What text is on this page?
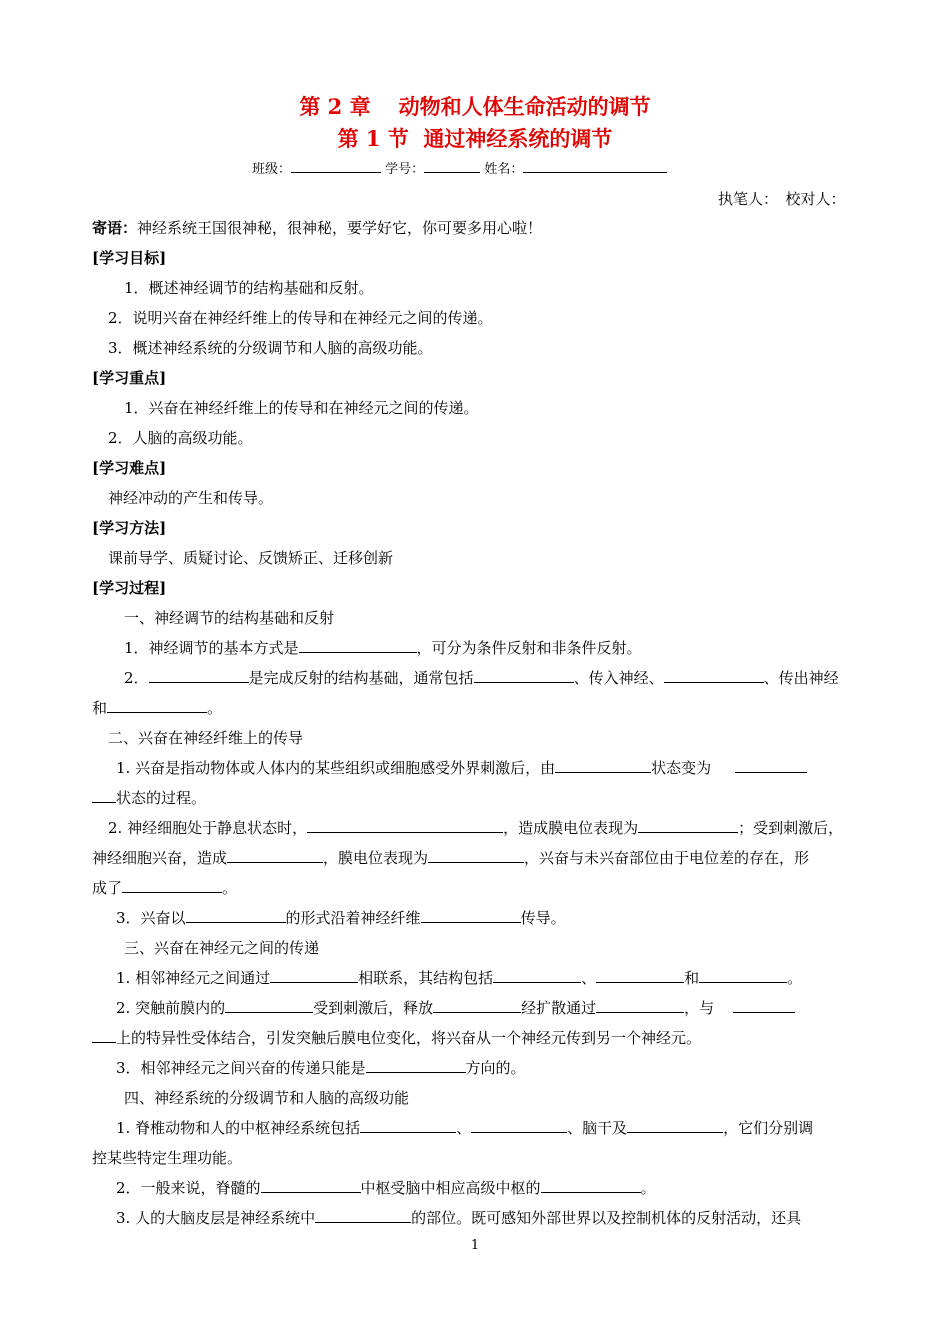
第 2 章 动物和人体生命活动的调节
第 1 节 通过神经系统的调节
班级：	学号：	姓名：
执笔人：　校对人：
寄语：神经系统王国很神秘，很神秘，要学好它，你可要多用心啦！
[学习目标]
1．概述神经调节的结构基础和反射。
2．说明兴奋在神经纤维上的传导和在神经元之间的传递。
3．概述神经系统的分级调节和人脑的高级功能。
[学习重点]
1．兴奋在神经纤维上的传导和在神经元之间的传递。
2．人脑的高级功能。
[学习难点]
神经冲动的产生和传导。
[学习方法]
课前导学、质疑讨论、反馈矫正、迁移创新
[学习过程]
一、神经调节的结构基础和反射
1．神经调节的基本方式是	，可分为条件反射和非条件反射。
2．	是完成反射的结构基础，通常包括	、传入神经、	、传出神经
和	。
二、兴奋在神经纤维上的传导
1. 兴奋是指动物体或人体内的某些组织或细胞感受外界刺激后，由	状态变为
状态的过程。
2. 神经细胞处于静息状态时，	，造成膜电位表现为	；受到刺激后，
神经细胞兴奋，造成	，膜电位表现为	，兴奋与未兴奋部位由于电位差的存在，形
成了	。
3．兴奋以	的形式沿着神经纤维	传导。
三、兴奋在神经元之间的传递
1. 相邻神经元之间通过	相联系，其结构包括	、	和	。
2. 突触前膜内的	受到刺激后，释放	经扩散通过	，与
上的特异性受体结合，引发突触后膜电位变化，将兴奋从一个神经元传到另一个神经元。
3．相邻神经元之间兴奋的传递只能是	方向的。
四、神经系统的分级调节和人脑的高级功能
1. 脊椎动物和人的中枢神经系统包括	、	、脑干及	，它们分别调
控某些特定生理功能。
2．一般来说，脊髓的	中枢受脑中相应高级中枢的	。
3. 人的大脑皮层是神经系统中	的部位。既可感知外部世界以及控制机体的反射活动，还具
1
